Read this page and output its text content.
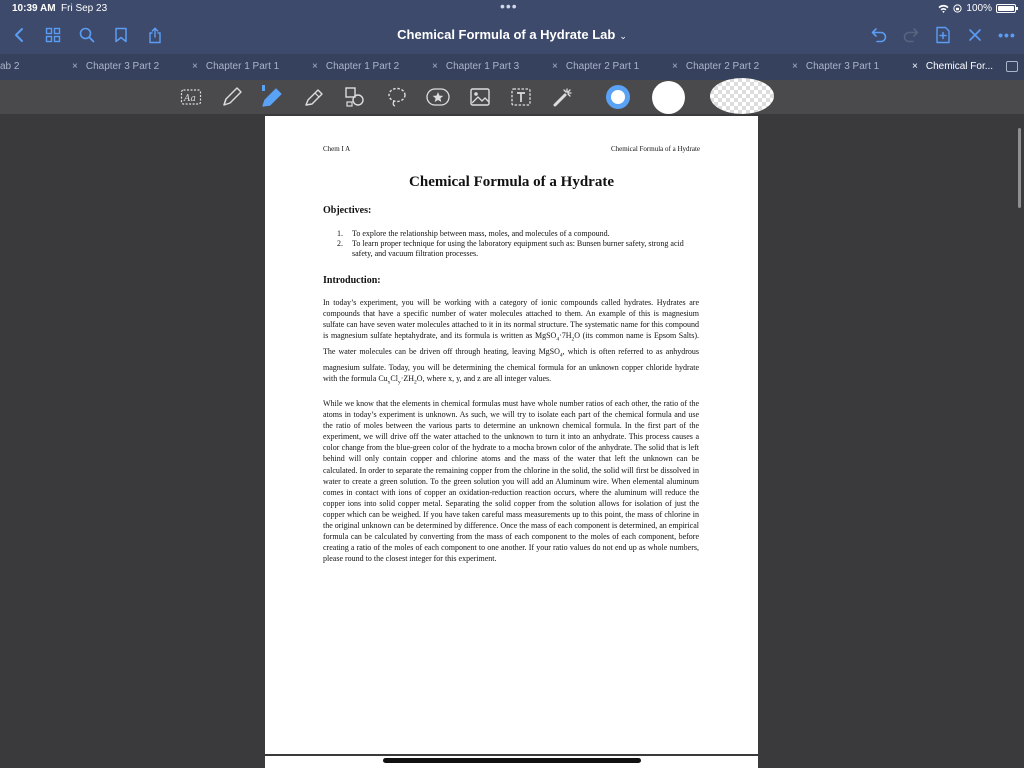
10:39 AM Fri Sep 23	•••	100%
Chemical Formula of a Hydrate Lab ⌄	•••
ab 2	× Chapter 3 Part 2	× Chapter 1 Part 1	× Chapter 1 Part 2	× Chapter 1 Part 3	× Chapter 2 Part 1	× Chapter 2 Part 2	× Chapter 3 Part 1	× Chemical For...
Aa
Chem I A	Chemical Formula of a Hydrate
Chemical Formula of a Hydrate
Objectives:
1.	To explore the relationship between mass, moles, and molecules of a compound.
2.	To learn proper technique for using the laboratory equipment such as: Bunsen burner safety, strong acid safety, and vacuum filtration processes.
Introduction:
In today’s experiment, you will be working with a category of ionic compounds called hydrates. Hydrates are compounds that have a specific number of water molecules attached to them. An example of this is magnesium sulfate can have seven water molecules attached to it in its normal structure. The systematic name for this compound is magnesium sulfate heptahydrate, and its formula is written as $MgSO_4\cdot 7H_2O$ (its common name is Epsom Salts). The water molecules can be driven off through heating, leaving MgSO$_4$, which is often referred to as anhydrous magnesium sulfate. Today, you will be determining the chemical formula for an unknown copper chloride hydrate with the formula $Cu_xCl_y\cdot ZH_2O$, where x, y, and z are all integer values.
While we know that the elements in chemical formulas must have whole number ratios of each other, the ratio of the atoms in today’s experiment is unknown. As such, we will try to isolate each part of the chemical formula and use the ratio of moles between the various parts to determine an unknown chemical formula. In the first part of the experiment, we will drive off the water attached to the unknown to turn it into an anhydrate. This process causes a color change from the blue-green color of the hydrate to a mocha brown color of the anhydrate. The solid that is left behind will only contain copper and chlorine atoms and the mass of the water that left the unknown can be calculated. In order to separate the remaining copper from the chlorine in the solid, the solid will first be dissolved in water to create a green solution. To the green solution you will add an Aluminum wire. When elemental aluminum comes in contact with ions of copper an oxidation-reduction reaction occurs, where the aluminum will reduce the copper ions into solid copper metal. Separating the solid copper from the solution allows for isolation of just the copper which can be weighed. If you have taken careful mass measurements up to this point, the mass of chlorine in the original unknown can be determined by difference. Once the mass of each component is determined, an empirical formula can be calculated by converting from the mass of each component to the moles of each component, before creating a ratio of the moles of each component to one another. If your ratio values do not end up as whole numbers, please round to the closest integer for this experiment.
